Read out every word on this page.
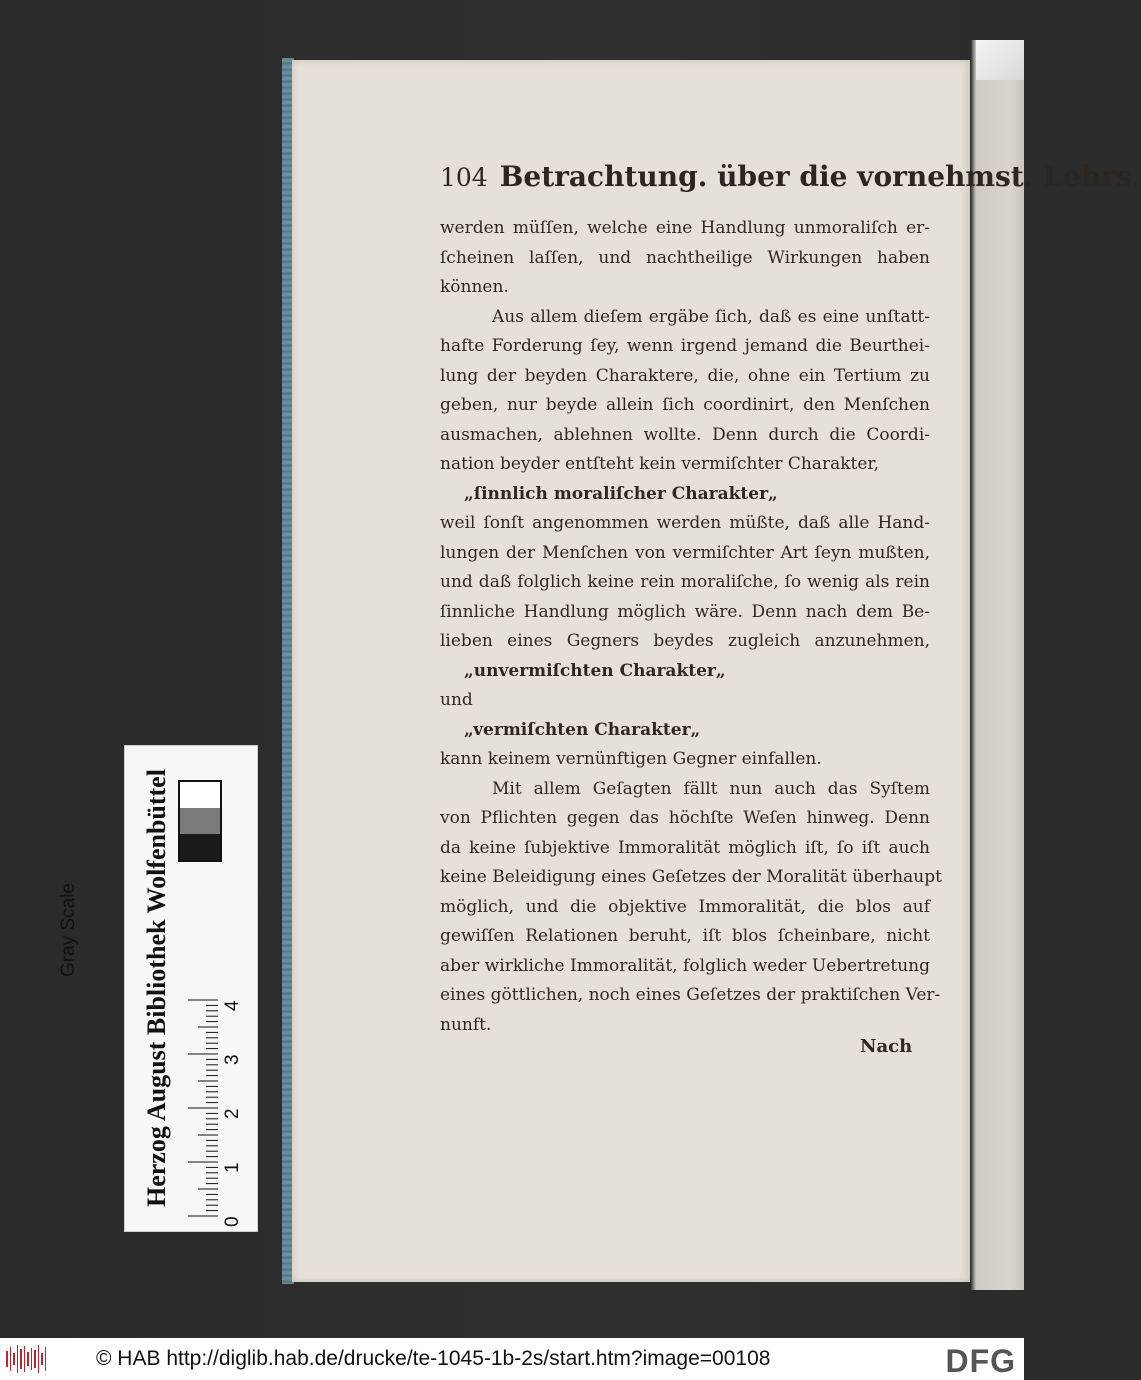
104 Betrachtung. über die vornehmst. Lehrs.
werden müſſen, welche eine Handlung unmoraliſch er-
ſcheinen laſſen, und nachtheilige Wirkungen haben
können.
Aus allem dieſem ergäbe ſich, daß es eine unſtatt-
hafte Forderung ſey, wenn irgend jemand die Beurthei-
lung der beyden Charaktere, die, ohne ein Tertium zu
geben, nur beyde allein ſich coordinirt, den Menſchen
ausmachen, ablehnen wollte. Denn durch die Coordi-
nation beyder entſteht kein vermiſchter Charakter,
„ſinnlich moraliſcher Charakter„
weil ſonſt angenommen werden müßte, daß alle Hand-
lungen der Menſchen von vermiſchter Art ſeyn mußten,
und daß folglich keine rein moraliſche, ſo wenig als rein
ſinnliche Handlung möglich wäre. Denn nach dem Be-
lieben eines Gegners beydes zugleich anzunehmen,
„unvermiſchten Charakter„
und
„vermiſchten Charakter„
kann keinem vernünftigen Gegner einfallen.
Mit allem Geſagten fällt nun auch das Syſtem
von Pflichten gegen das höchſte Weſen hinweg. Denn
da keine ſubjektive Immoralität möglich iſt, ſo iſt auch
keine Beleidigung eines Geſetzes der Moralität überhaupt
möglich, und die objektive Immoralität, die blos auf
gewiſſen Relationen beruht, iſt blos ſcheinbare, nicht
aber wirkliche Immoralität, folglich weder Uebertretung
eines göttlichen, noch eines Geſetzes der praktiſchen Ver-
nunft.
Nach
Herzog August Bibliothek Wolfenbüttel
Gray Scale
0
1
2
3
4
© HAB http://diglib.hab.de/drucke/te-1045-1b-2s/start.htm?image=00108	DFG
